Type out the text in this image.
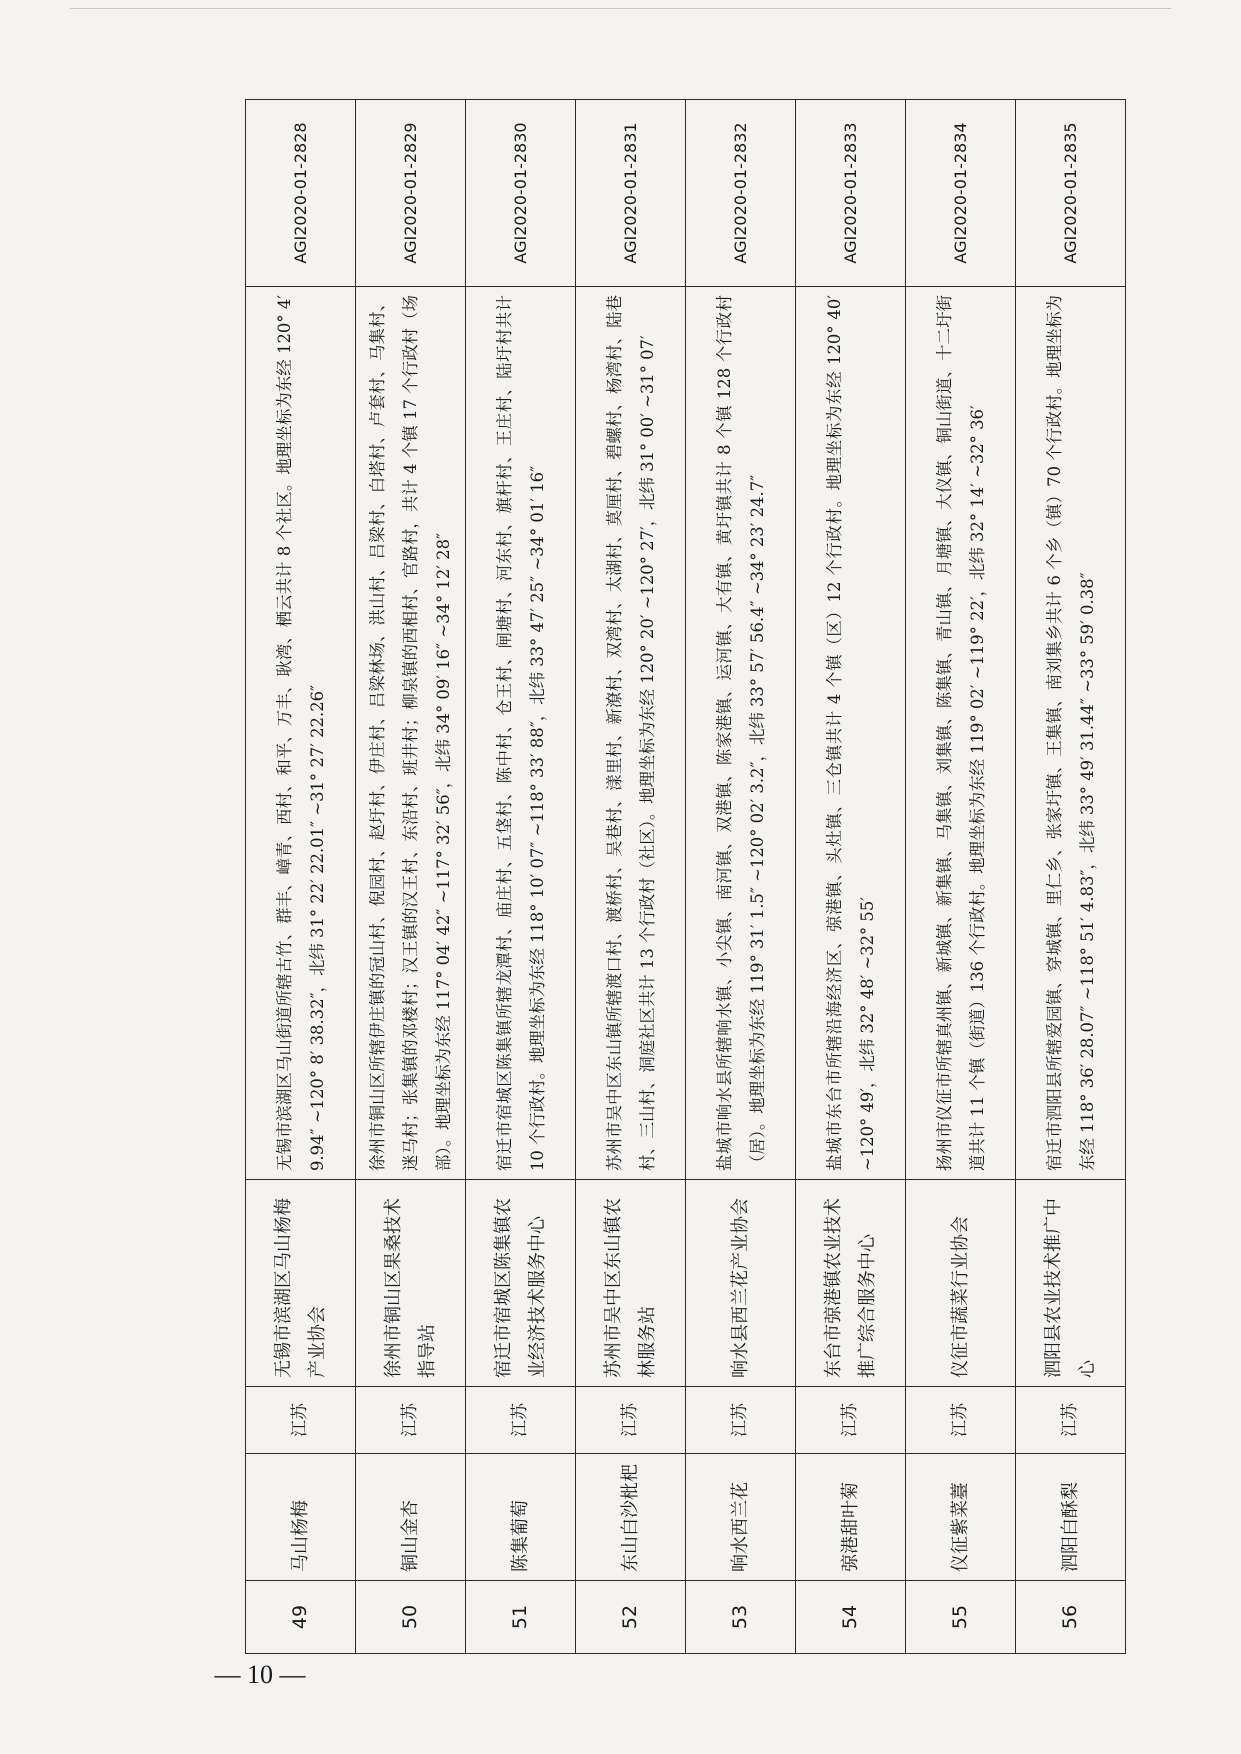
49	马山杨梅	江苏	无锡市滨湖区马山杨梅产业协会	无锡市滨湖区马山街道所辖古竹、群丰、嶂青、西村、和平、万丰、耿湾、栖云共计 8 个社区。地理坐标为东经 120° 4′ 9.94″ ~120° 8′ 38.32″，北纬 31° 22′ 22.01″ ~31° 27′ 22.26″	AGI2020-01-2828
50	铜山金杏	江苏	徐州市铜山区果桑技术指导站	徐州市铜山区所辖伊庄镇的冠山村、倪园村、赵圩村、伊庄村、吕梁林场、洪山村、吕梁村、白塔村、卢套村、马集村、迷马村；张集镇的邓楼村；汉王镇的汉王村、东沿村、班井村；柳泉镇的西相村、官路村，共计 4 个镇 17 个行政村（场部）。地理坐标为东经 117° 04′ 42″ ~117° 32′ 56″，北纬 34° 09′ 16″ ~34° 12′ 28″	AGI2020-01-2829
51	陈集葡萄	江苏	宿迁市宿城区陈集镇农业经济技术服务中心	宿迁市宿城区陈集镇所辖龙潭村、庙庄村、五垡村、陈中村、仓王村、闸塘村、河东村、旗杆村、王庄村、陆圩村共计 10 个行政村。地理坐标为东经 118° 10′ 07″ ~118° 33′ 88″，北纬 33° 47′ 25″ ~34° 01′ 16″	AGI2020-01-2830
52	东山白沙枇杷	江苏	苏州市吴中区东山镇农林服务站	苏州市吴中区东山镇所辖渡口村、渡桥村、吴巷村、漾里村、新潦村、双湾村、太湖村、莫厘村、碧螺村、杨湾村、陆巷村、三山村、洞庭社区共计 13 个行政村（社区）。地理坐标为东经 120° 20′ ~120° 27′，北纬 31° 00′ ~31° 07′	AGI2020-01-2831
53	响水西兰花	江苏	响水县西兰花产业协会	盐城市响水县所辖响水镇、小尖镇、南河镇、双港镇、陈家港镇、运河镇、大有镇、黄圩镇共计 8 个镇 128 个行政村（居）。地理坐标为东经 119° 31′ 1.5″ ~120° 02′ 3.2″，北纬 33° 57′ 56.4″ ~34° 23′ 24.7″	AGI2020-01-2832
54	弶港甜叶菊	江苏	东台市弶港镇农业技术推广综合服务中心	盐城市东台市所辖沿海经济区、弶港镇、头灶镇、三仓镇共计 4 个镇（区）12 个行政村。地理坐标为东经 120° 40′ ~120° 49′，北纬 32° 48′ ~32° 55′	AGI2020-01-2833
55	仪征紫菜薹	江苏	仪征市蔬菜行业协会	扬州市仪征市所辖真州镇、新城镇、新集镇、马集镇、刘集镇、陈集镇、青山镇、月塘镇、大仪镇、铜山街道、十二圩街道共计 11 个镇（街道）136 个行政村。地理坐标为东经 119° 02′ ~119° 22′，北纬 32° 14′ ~32° 36′	AGI2020-01-2834
56	泗阳白酥梨	江苏	泗阳县农业技术推广中心	宿迁市泗阳县所辖爱园镇、穿城镇、里仁乡、张家圩镇、王集镇、南刘集乡共计 6 个乡（镇）70 个行政村。地理坐标为东经 118° 36′ 28.07″ ~118° 51′ 4.83″，北纬 33° 49′ 31.44″ ~33° 59′ 0.38″	AGI2020-01-2835
— 10 —
